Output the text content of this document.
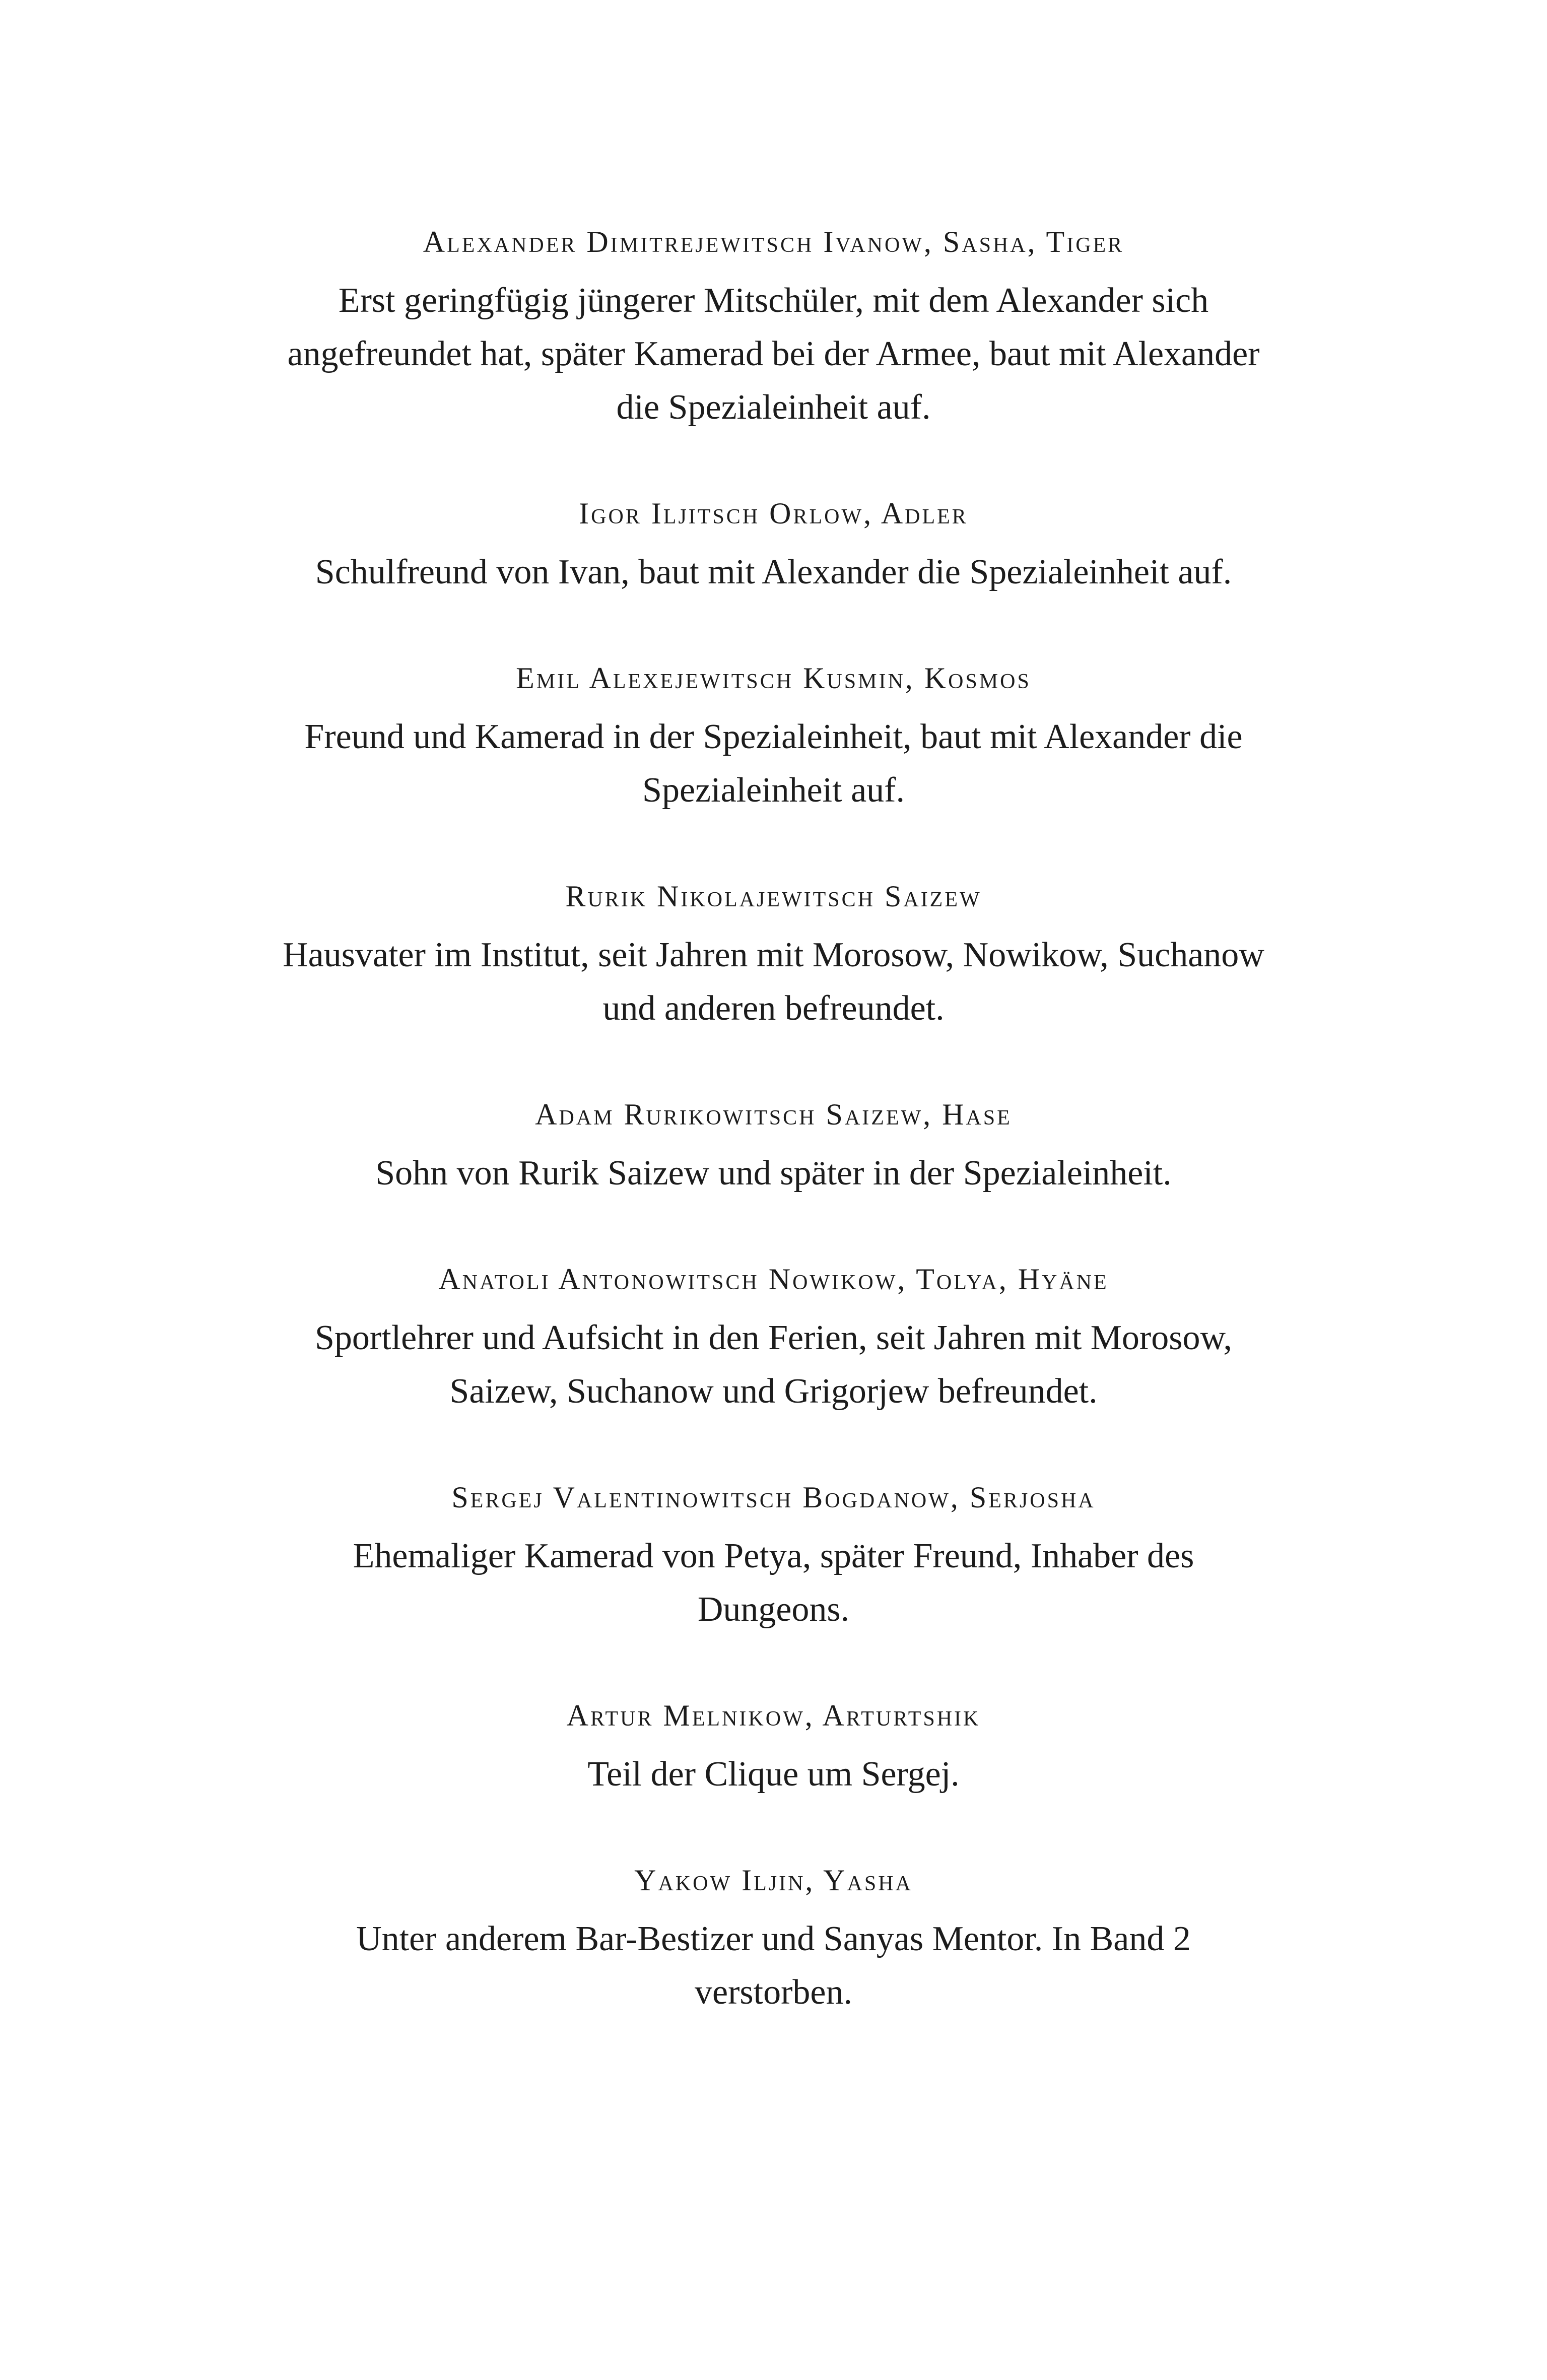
Alexander Dimitrejewitsch Ivanow, Sasha, Tiger

Erst geringfügig jüngerer Mitschüler, mit dem Alexander sich angefreundet hat, später Kamerad bei der Armee, baut mit Alexander die Spezialeinheit auf.

Igor Iljitsch Orlow, Adler

Schulfreund von Ivan, baut mit Alexander die Spezialeinheit auf.

Emil Alexejewitsch Kusmin, Kosmos

Freund und Kamerad in der Spezialeinheit, baut mit Alexander die Spezialeinheit auf.

Rurik Nikolajewitsch Saizew

Hausvater im Institut, seit Jahren mit Morosow, Nowikow, Suchanow und anderen befreundet.

Adam Rurikowitsch Saizew, Hase

Sohn von Rurik Saizew und später in der Spezialeinheit.

Anatoli Antonowitsch Nowikow, Tolya, Hyäne

Sportlehrer und Aufsicht in den Ferien, seit Jahren mit Morosow, Saizew, Suchanow und Grigorjew befreundet.

Sergej Valentinowitsch Bogdanow, Serjosha

Ehemaliger Kamerad von Petya, später Freund, Inhaber des Dungeons.

Artur Melnikow, Arturtshik

Teil der Clique um Sergej.

Yakow Iljin, Yasha

Unter anderem Bar-Bestizer und Sanyas Mentor. In Band 2 verstorben.
